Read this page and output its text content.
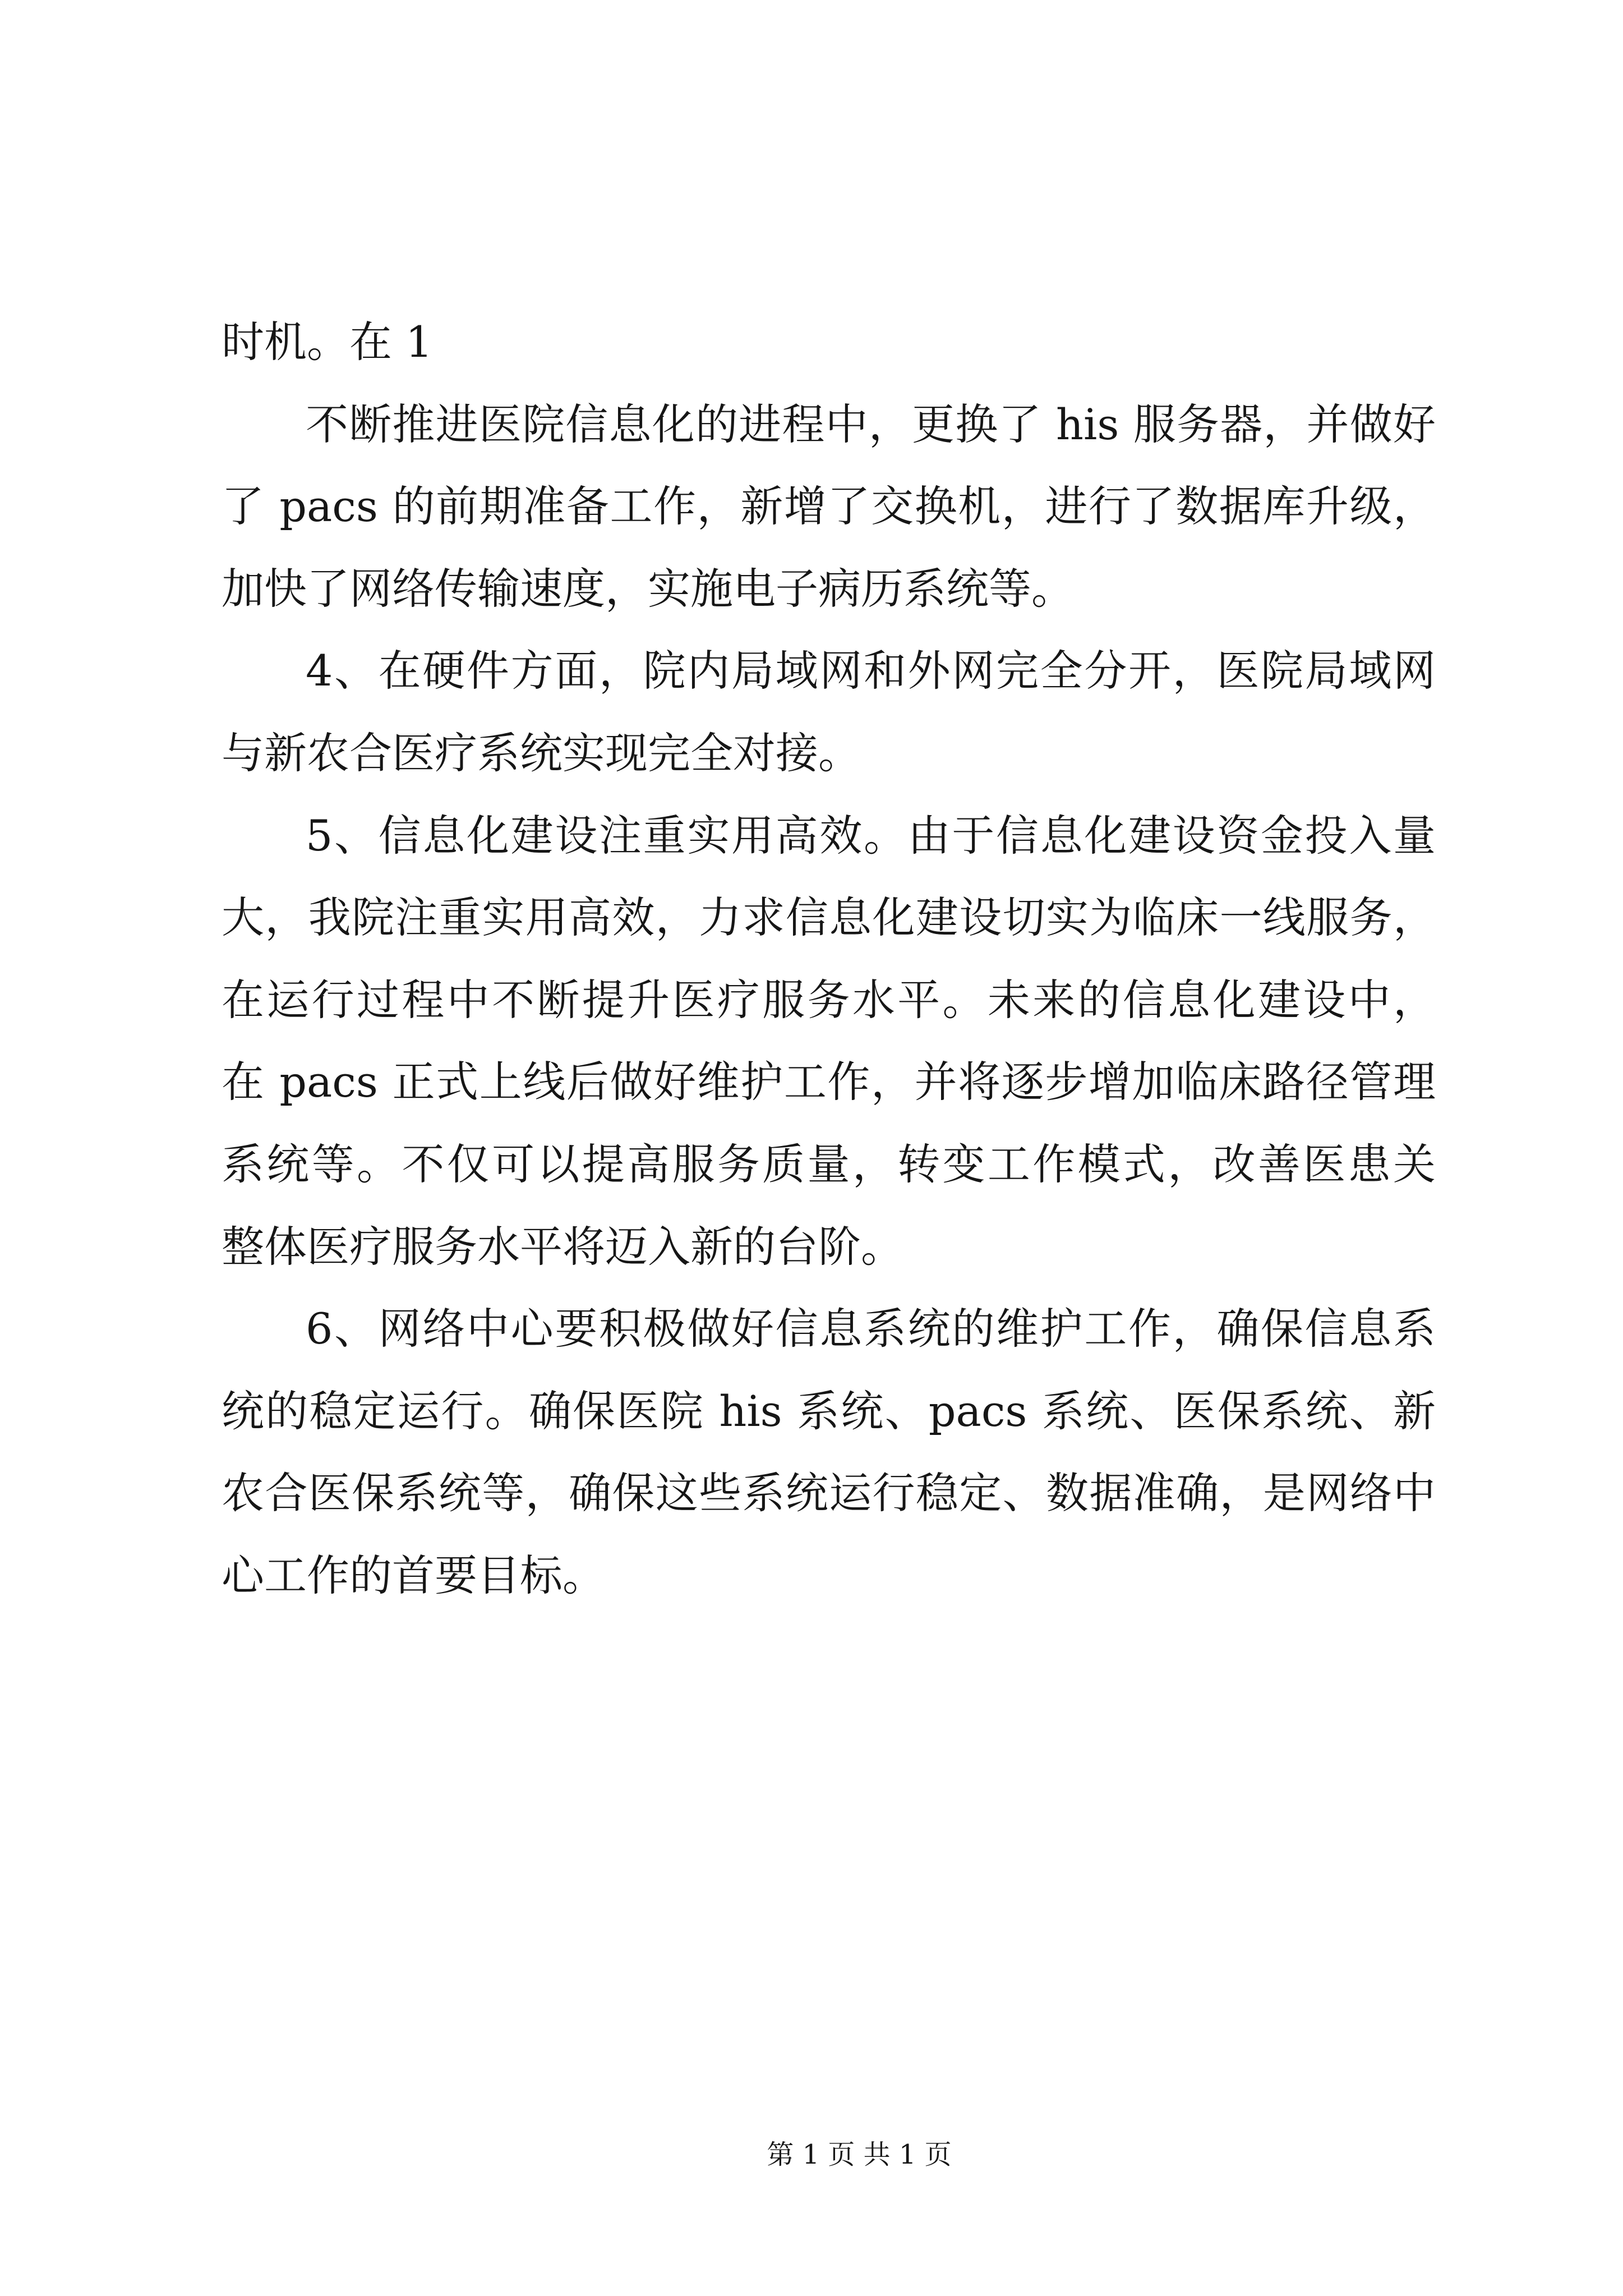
时机。在 1
不断推进医院信息化的进程中，更换了 his 服务器，并做好
了 pacs 的前期准备工作，新增了交换机，进行了数据库升级，
加快了网络传输速度，实施电子病历系统等。
4、在硬件方面，院内局域网和外网完全分开，医院局域网
与新农合医疗系统实现完全对接。
5、信息化建设注重实用高效。由于信息化建设资金投入量
大，我院注重实用高效，力求信息化建设切实为临床一线服务，
在运行过程中不断提升医疗服务水平。未来的信息化建设中，
在 pacs 正式上线后做好维护工作，并将逐步增加临床路径管理
系统等。不仅可以提高服务质量，转变工作模式，改善医患关
整体医疗服务水平将迈入新的台阶。
6、网络中心要积极做好信息系统的维护工作，确保信息系
统的稳定运行。确保医院 his 系统、pacs 系统、医保系统、新
农合医保系统等，确保这些系统运行稳定、数据准确，是网络中
心工作的首要目标。
第 1 页 共 1 页
